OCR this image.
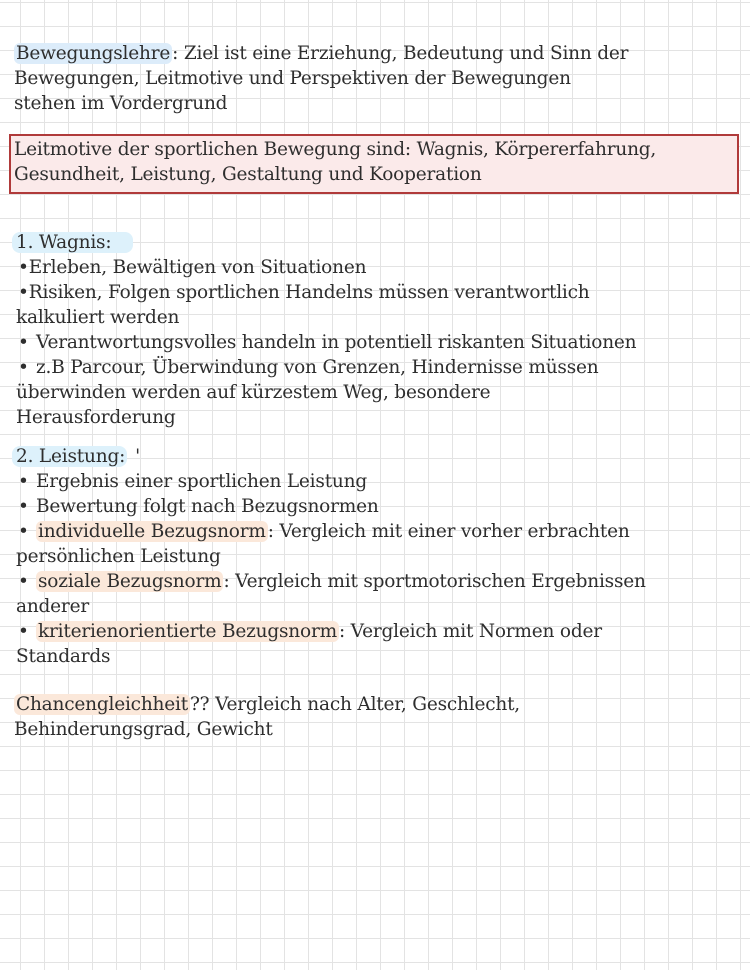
Bewegungslehre : Ziel ist eine Erziehung, Bedeutung und Sinn der
Bewegungen, Leitmotive und Perspektiven der Bewegungen
stehen im Vordergrund
Leitmotive der sportlichen Bewegung sind: Wagnis, Körpererfahrung,
Gesundheit, Leistung, Gestaltung und Kooperation
1. Wagnis:
•Erleben, Bewältigen von Situationen
•Risiken, Folgen sportlichen Handelns müssen verantwortlich
kalkuliert werden
• Verantwortungsvolles handeln in potentiell riskanten Situationen
• z.B Parcour, Überwindung von Grenzen, Hindernisse müssen
überwinden werden auf kürzestem Weg, besondere
Herausforderung
2. Leistung: '
• Ergebnis einer sportlichen Leistung
• Bewertung folgt nach Bezugsnormen
• individuelle Bezugsnorm : Vergleich mit einer vorher erbrachten
persönlichen Leistung
• soziale Bezugsnorm : Vergleich mit sportmotorischen Ergebnissen
anderer
• kriterienorientierte Bezugsnorm : Vergleich mit Normen oder
Standards
Chancengleichheit ?? Vergleich nach Alter, Geschlecht,
Behinderungsgrad, Gewicht
